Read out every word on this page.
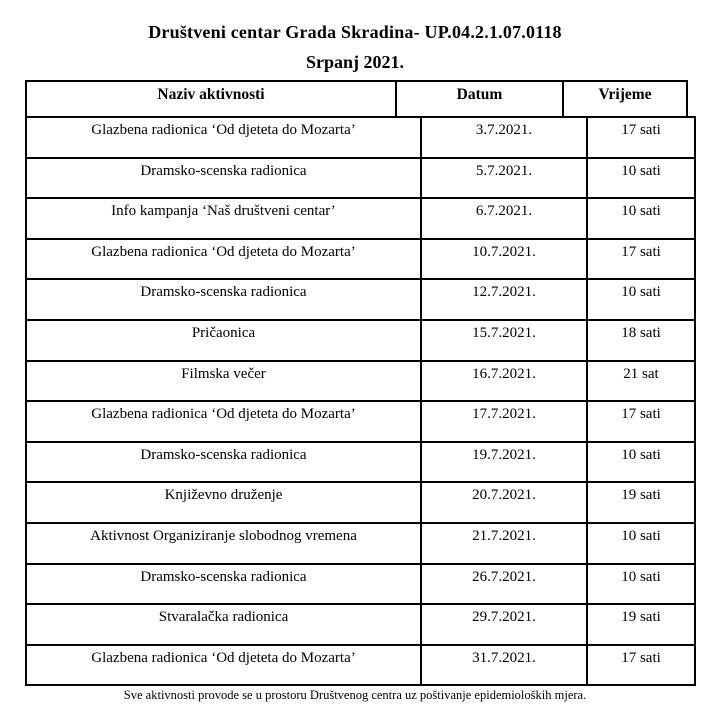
Društveni centar Grada Skradina- UP.04.2.1.07.0118
Srpanj 2021.
Naziv aktivnosti	Datum	Vrijeme
Glazbena radionica ‘Od djeteta do Mozarta’	3.7.2021.	17 sati
Dramsko-scenska radionica	5.7.2021.	10 sati
Info kampanja ‘Naš društveni centar’	6.7.2021.	10 sati
Glazbena radionica ‘Od djeteta do Mozarta’	10.7.2021.	17 sati
Dramsko-scenska radionica	12.7.2021.	10 sati
Pričaonica	15.7.2021.	18 sati
Filmska večer	16.7.2021.	21 sat
Glazbena radionica ‘Od djeteta do Mozarta’	17.7.2021.	17 sati
Dramsko-scenska radionica	19.7.2021.	10 sati
Književno druženje	20.7.2021.	19 sati
Aktivnost Organiziranje slobodnog vremena	21.7.2021.	10 sati
Dramsko-scenska radionica	26.7.2021.	10 sati
Stvaralačka radionica	29.7.2021.	19 sati
Glazbena radionica ‘Od djeteta do Mozarta’	31.7.2021.	17 sati
Sve aktivnosti provode se u prostoru Društvenog centra uz poštivanje epidemioloških mjera.
